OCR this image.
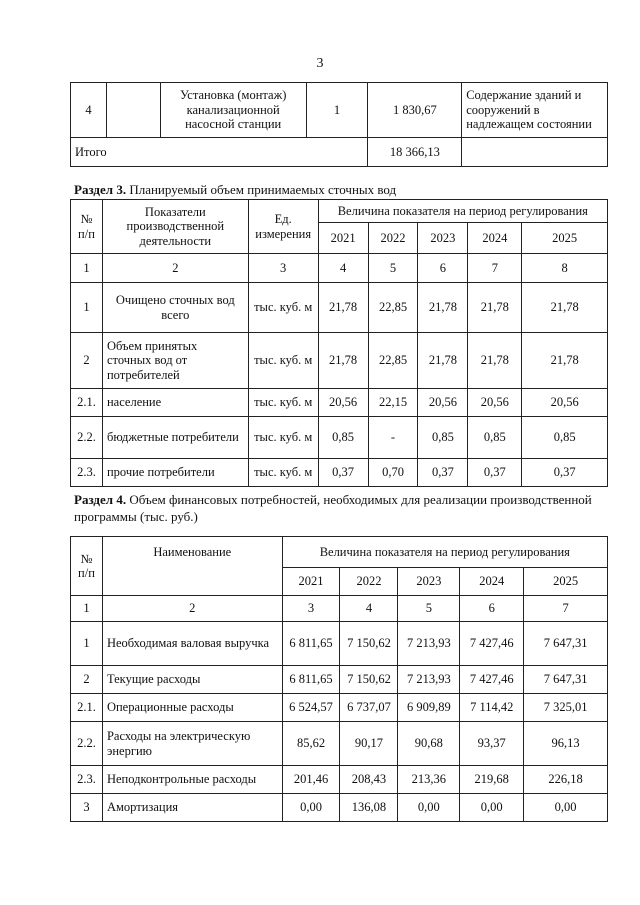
3
4		Установка (монтаж) канализационной насосной станции	1	1 830,67	Содержание зданий и сооружений в надлежащем состоянии
Итого				18 366,13	
Раздел 3. Планируемый объем принимаемых сточных вод
№ п/п	Показатели производственной деятельности	Ед. измерения	Величина показателя на период регулирования				
			2021	2022	2023	2024	2025
1	2	3	4	5	6	7	8
1	Очищено сточных вод всего	тыс. куб. м	21,78	22,85	21,78	21,78	21,78
2	Объем принятых сточных вод от потребителей	тыс. куб. м	21,78	22,85	21,78	21,78	21,78
2.1.	население	тыс. куб. м	20,56	22,15	20,56	20,56	20,56
2.2.	бюджетные потребители	тыс. куб. м	0,85	-	0,85	0,85	0,85
2.3.	прочие потребители	тыс. куб. м	0,37	0,70	0,37	0,37	0,37
Раздел 4. Объем финансовых потребностей, необходимых для реализации производственной программы (тыс. руб.)
№ п/п	Наименование	Величина показателя на период регулирования				
		2021	2022	2023	2024	2025
1	2	3	4	5	6	7
1	Необходимая валовая выручка	6 811,65	7 150,62	7 213,93	7 427,46	7 647,31
2	Текущие расходы	6 811,65	7 150,62	7 213,93	7 427,46	7 647,31
2.1.	Операционные расходы	6 524,57	6 737,07	6 909,89	7 114,42	7 325,01
2.2.	Расходы на электрическую энергию	85,62	90,17	90,68	93,37	96,13
2.3.	Неподконтрольные расходы	201,46	208,43	213,36	219,68	226,18
3	Амортизация	0,00	136,08	0,00	0,00	0,00
